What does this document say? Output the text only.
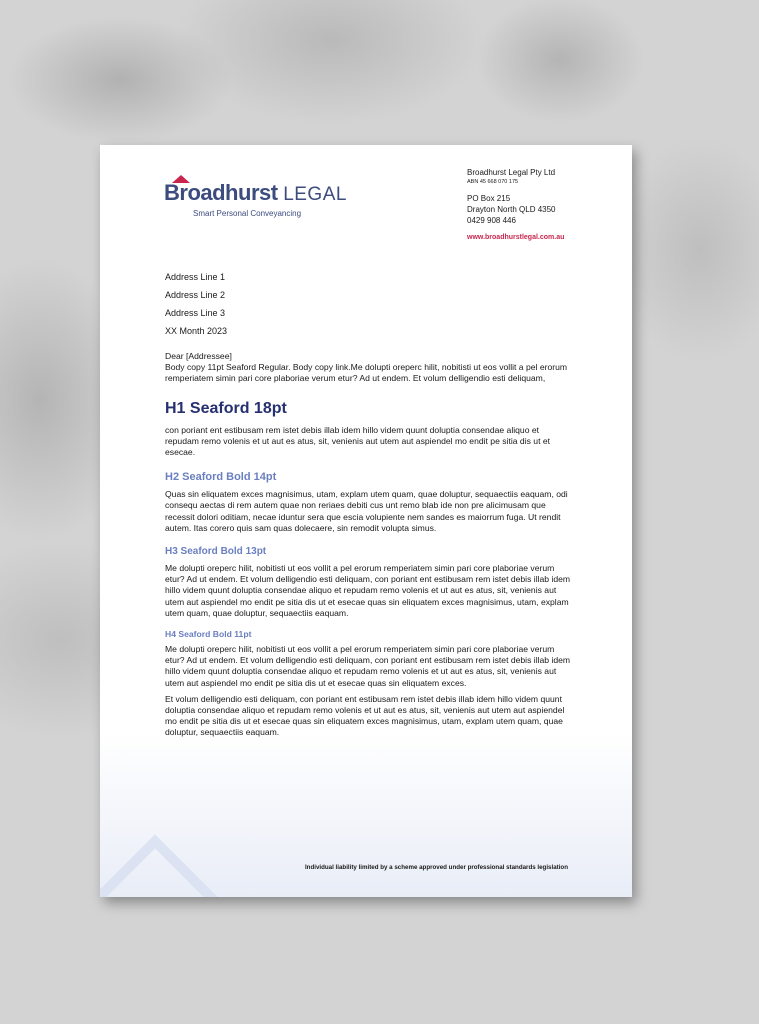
Broadhurst LEGAL
Smart Personal Conveyancing
Broadhurst Legal Pty Ltd
ABN 45 668 070 175
PO Box 215
Drayton North QLD 4350
0429 908 446
www.broadhurstlegal.com.au
Address Line 1
Address Line 2
Address Line 3
XX Month 2023
Dear [Addressee]

Body copy 11pt Seaford Regular. Body copy link.Me dolupti oreperc hilit, nobitisti ut eos vollit a pel erorum remperiatem simin pari core plaboriae verum etur? Ad ut endem. Et volum delligendio esti deliquam,

H1 Seaford 18pt

con poriant ent estibusam rem istet debis illab idem hillo videm quunt doluptia consendae aliquo et repudam remo volenis et ut aut es atus, sit, venienis aut utem aut aspiendel mo endit pe sitia dis ut et esecae.

H2 Seaford Bold 14pt

Quas sin eliquatem exces magnisimus, utam, explam utem quam, quae doluptur, sequaectiis eaquam, odi consequ aectas di rem autem quae non reriaes debiti cus unt remo blab ide non pre alicimusam que recessit dolori oditiam, necae iduntur sera que escia volupiente nem sandes es maiorrum fuga. Ut rendit autem. Itas corero quis sam quas dolecaere, sin remodit volupta simus.

H3 Seaford Bold 13pt

Me dolupti oreperc hilit, nobitisti ut eos vollit a pel erorum remperiatem simin pari core plaboriae verum etur? Ad ut endem. Et volum delligendio esti deliquam, con poriant ent estibusam rem istet debis illab idem hillo videm quunt doluptia consendae aliquo et repudam remo volenis et ut aut es atus, sit, venienis aut utem aut aspiendel mo endit pe sitia dis ut et esecae quas sin eliquatem exces magnisimus, utam, explam utem quam, quae doluptur, sequaectiis eaquam.

H4 Seaford Bold 11pt

Me dolupti oreperc hilit, nobitisti ut eos vollit a pel erorum remperiatem simin pari core plaboriae verum etur? Ad ut endem. Et volum delligendio esti deliquam, con poriant ent estibusam rem istet debis illab idem hillo videm quunt doluptia consendae aliquo et repudam remo volenis et ut aut es atus, sit, venienis aut utem aut aspiendel mo endit pe sitia dis ut et esecae quas sin eliquatem exces.

Et volum delligendio esti deliquam, con poriant ent estibusam rem istet debis illab idem hillo videm quunt doluptia consendae aliquo et repudam remo volenis et ut aut es atus, sit, venienis aut utem aut aspiendel mo endit pe sitia dis ut et esecae quas sin eliquatem exces magnisimus, utam, explam utem quam, quae doluptur, sequaectiis eaquam.

Individual liability limited by a scheme approved under professional standards legislation
